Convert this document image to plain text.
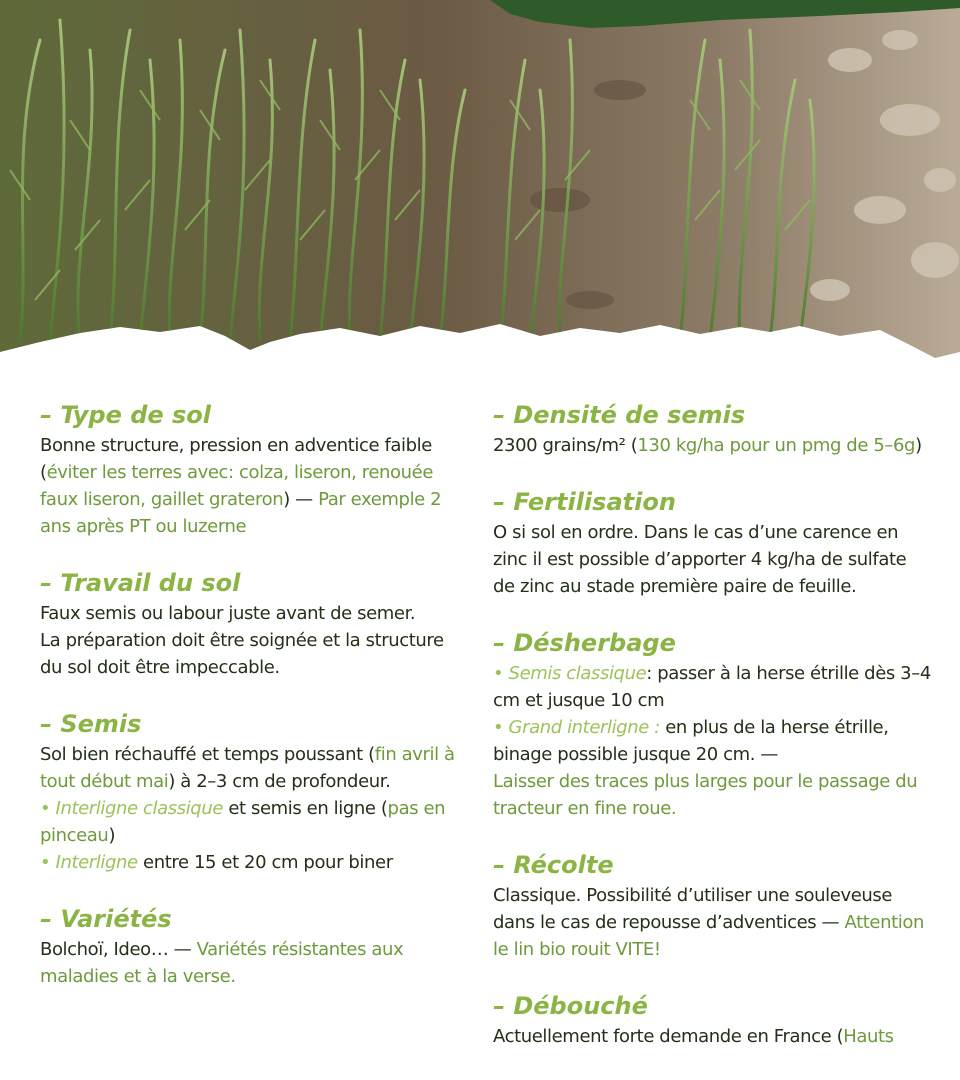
– Type de sol
Bonne structure, pression en adventice faible
(éviter les terres avec: colza, liseron, renouée faux liseron, gaillet grateron) — Par exemple 2 ans après PT ou luzerne
– Travail du sol
Faux semis ou labour juste avant de semer.
La préparation doit être soignée et la structure du sol doit être impeccable.
– Semis
Sol bien réchauffé et temps poussant (fin avril à tout début mai) à 2–3 cm de profondeur.
• Interligne classique et semis en ligne (pas en pinceau)
• Interligne entre 15 et 20 cm pour biner
– Variétés
Bolchoï, Ideo… — Variétés résistantes aux maladies et à la verse.
– Densité de semis
2300 grains/m² (130 kg/ha pour un pmg de 5–6g)
– Fertilisation
O si sol en ordre. Dans le cas d’une carence en zinc il est possible d’apporter 4 kg/ha de sulfate de zinc au stade première paire de feuille.
– Désherbage
• Semis classique: passer à la herse étrille dès 3–4 cm et jusque 10 cm
• Grand interligne : en plus de la herse étrille, binage possible jusque 20 cm. —
Laisser des traces plus larges pour le passage du tracteur en fine roue.
– Récolte
Classique. Possibilité d’utiliser une souleveuse dans le cas de repousse d’adventices — Attention le lin bio rouit VITE!
– Débouché
Actuellement forte demande en France (Hauts
